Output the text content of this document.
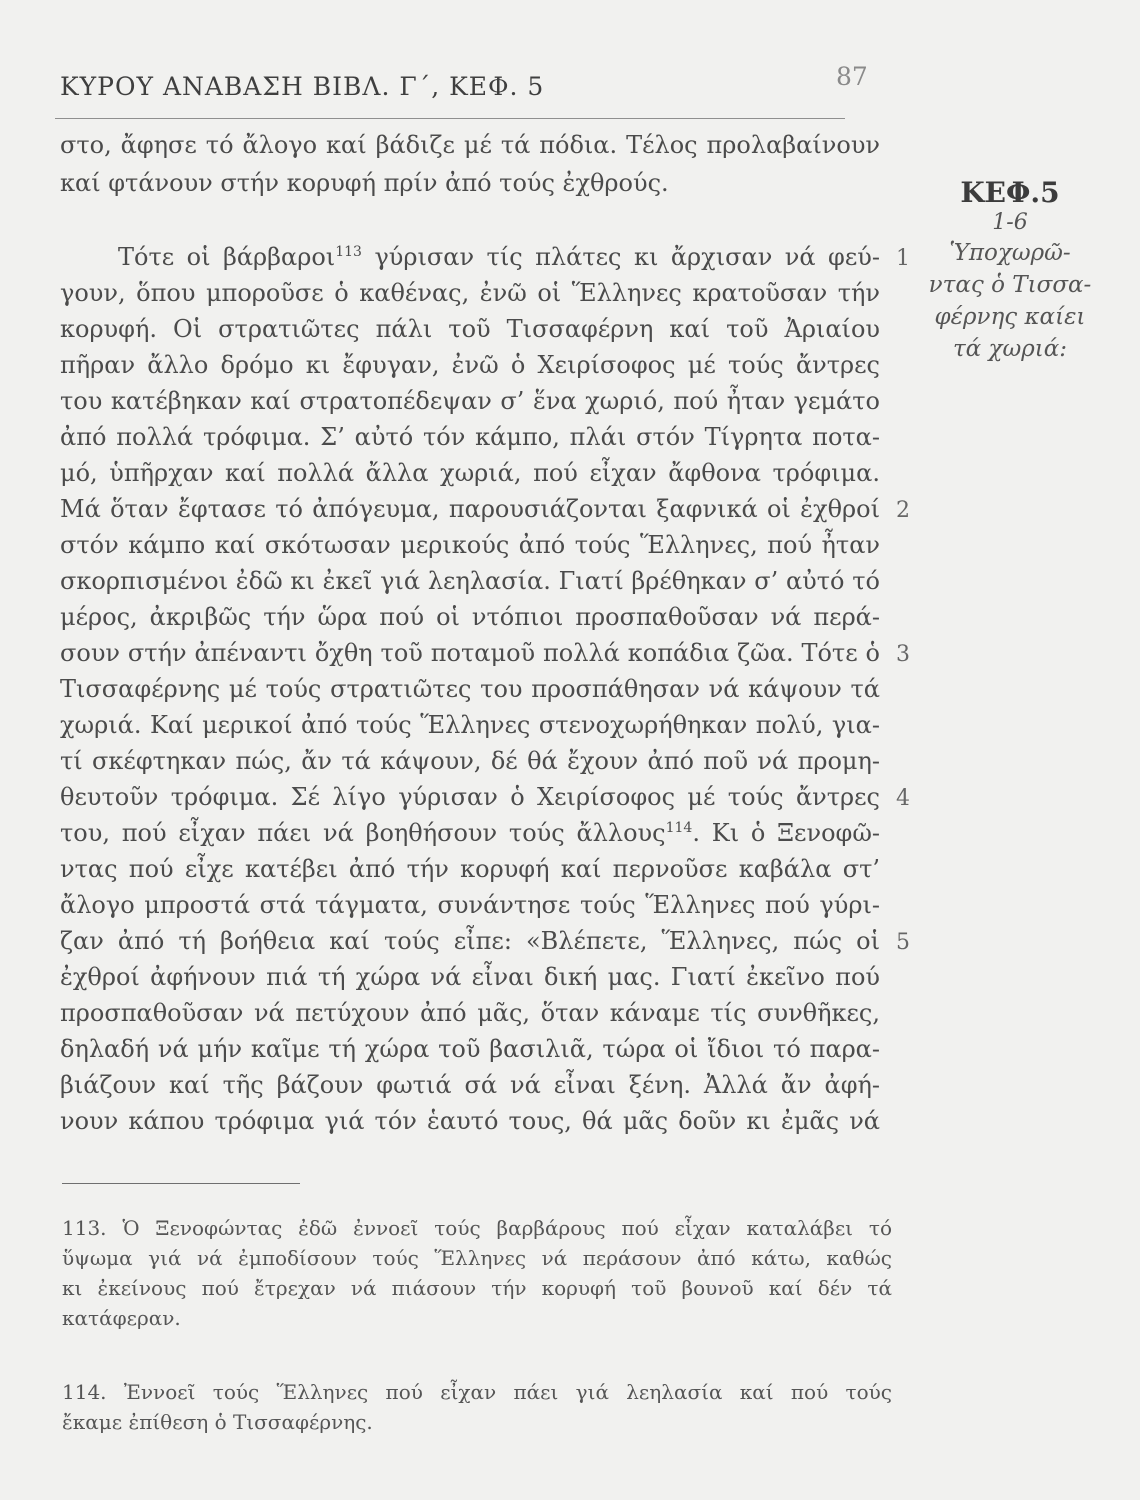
ΚΥΡΟΥ ΑΝΑΒΑΣΗ ΒΙΒΛ. Γ΄, ΚΕΦ. 5	87
στο, ἄφησε τό ἄλογο καί βάδιζε μέ τά πόδια. Τέλος προλαβαίνουν
καί φτάνουν στήν κορυφή πρίν ἀπό τούς ἐχθρούς.
Τότε οἱ βάρβαροι$^{113}$ γύρισαν τίς πλάτες κι ἄρχισαν νά φεύ-
γουν, ὅπου μποροῦσε ὁ καθένας, ἐνῶ οἱ Ἕλληνες κρατοῦσαν τήν
κορυφή. Οἱ στρατιῶτες πάλι τοῦ Τισσαφέρνη καί τοῦ Ἀριαίου
πῆραν ἄλλο δρόμο κι ἔφυγαν, ἐνῶ ὁ Χειρίσοφος μέ τούς ἄντρες
του κατέβηκαν καί στρατοπέδεψαν σ’ ἕνα χωριό, πού ἦταν γεμάτο
ἀπό πολλά τρόφιμα. Σ’ αὐτό τόν κάμπο, πλάι στόν Τίγρητα ποτα-
μό, ὑπῆρχαν καί πολλά ἄλλα χωριά, πού εἶχαν ἄφθονα τρόφιμα.
Μά ὅταν ἔφτασε τό ἀπόγευμα, παρουσιάζονται ξαφνικά οἱ ἐχθροί
στόν κάμπο καί σκότωσαν μερικούς ἀπό τούς Ἕλληνες, πού ἦταν
σκορπισμένοι ἐδῶ κι ἐκεῖ γιά λεηλασία. Γιατί βρέθηκαν σ’ αὐτό τό
μέρος, ἀκριβῶς τήν ὥρα πού οἱ ντόπιοι προσπαθοῦσαν νά περά-
σουν στήν ἀπέναντι ὄχθη τοῦ ποταμοῦ πολλά κοπάδια ζῶα. Τότε ὁ
Τισσαφέρνης μέ τούς στρατιῶτες του προσπάθησαν νά κάψουν τά
χωριά. Καί μερικοί ἀπό τούς Ἕλληνες στενοχωρήθηκαν πολύ, για-
τί σκέφτηκαν πώς, ἄν τά κάψουν, δέ θά ἔχουν ἀπό ποῦ νά προμη-
θευτοῦν τρόφιμα. Σέ λίγο γύρισαν ὁ Χειρίσοφος μέ τούς ἄντρες
του, πού εἶχαν πάει νά βοηθήσουν τούς ἄλλους$^{114}$. Κι ὁ Ξενοφῶ-
ντας πού εἶχε κατέβει ἀπό τήν κορυφή καί περνοῦσε καβάλα στ’
ἄλογο μπροστά στά τάγματα, συνάντησε τούς Ἕλληνες πού γύρι-
ζαν ἀπό τή βοήθεια καί τούς εἶπε: «Βλέπετε, Ἕλληνες, πώς οἱ
ἐχθροί ἀφήνουν πιά τή χώρα νά εἶναι δική μας. Γιατί ἐκεῖνο πού
προσπαθοῦσαν νά πετύχουν ἀπό μᾶς, ὅταν κάναμε τίς συνθῆκες,
δηλαδή νά μήν καῖμε τή χώρα τοῦ βασιλιᾶ, τώρα οἱ ἴδιοι τό παρα-
βιάζουν καί τῆς βάζουν φωτιά σά νά εἶναι ξένη. Ἀλλά ἄν ἀφή-
νουν κάπου τρόφιμα γιά τόν ἑαυτό τους, θά μᾶς δοῦν κι ἐμᾶς νά
1
2
3
4
5
ΚΕΦ.5
1-6
Ὑποχωρῶ-
ντας ὁ Τισσα-
φέρνης καίει
τά χωριά:
113. Ὁ Ξενοφώντας ἐδῶ ἐννοεῖ τούς βαρβάρους πού εἶχαν καταλάβει τό
ὕψωμα γιά νά ἐμποδίσουν τούς Ἕλληνες νά περάσουν ἀπό κάτω, καθώς
κι ἐκείνους πού ἔτρεχαν νά πιάσουν τήν κορυφή τοῦ βουνοῦ καί δέν τά
κατάφεραν.
114. Ἐννοεῖ τούς Ἕλληνες πού εἶχαν πάει γιά λεηλασία καί πού τούς
ἔκαμε ἐπίθεση ὁ Τισσαφέρνης.
